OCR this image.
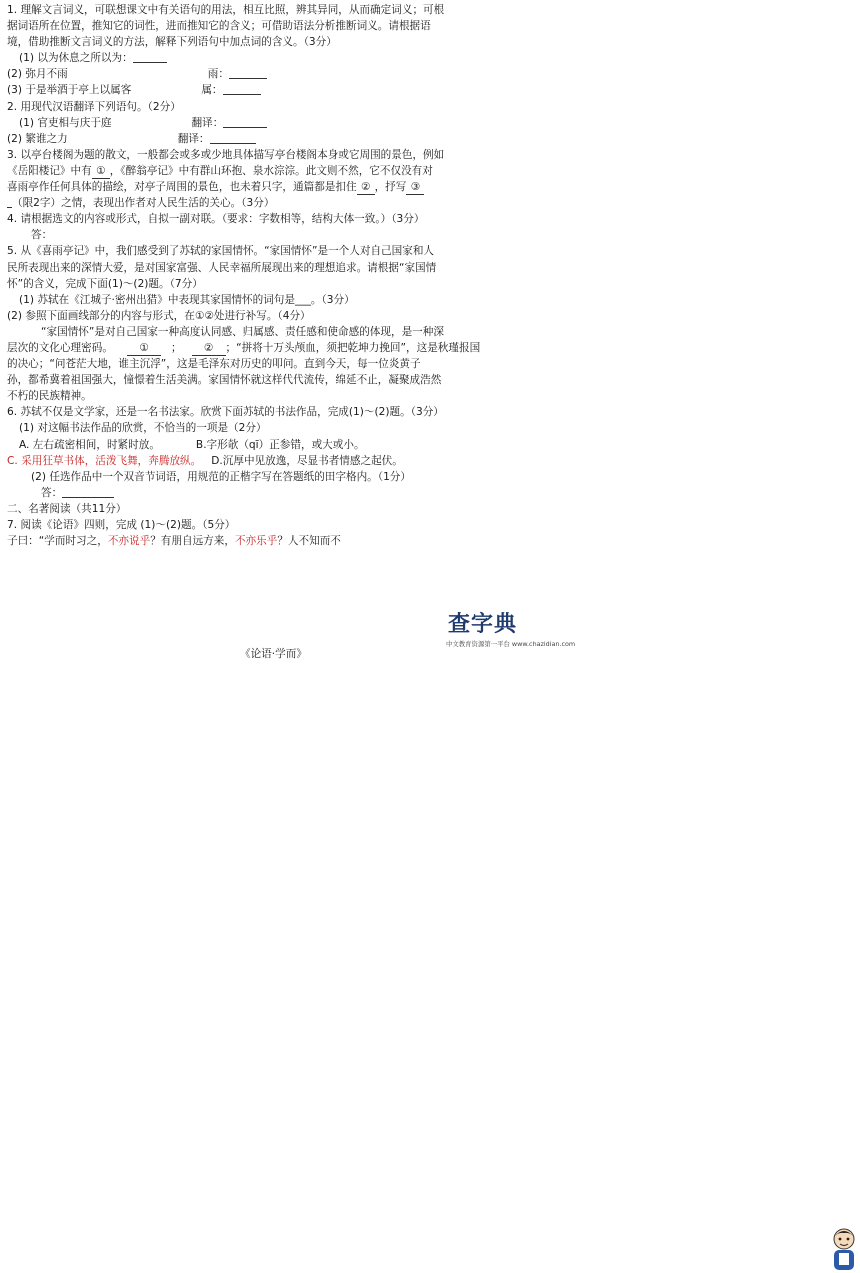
1. 理解文言词义，可联想课文中有关语句的用法，相互比照，辨其异同，从而确定词义；可根
据词语所在位置，推知它的词性，进而推知它的含义；可借助语法分析推断词义。请根据语
境，借助推断文言词义的方法，解释下列语句中加点词的含义。（3分）
(1) 以为休息之所以为：
(2) 弥月不雨	雨：
(3) 于是举酒于亭上以属客	属：
2. 用现代汉语翻译下列语句。（2分）
(1) 官吏相与庆于庭	翻译：
(2) 繁谁之力	翻译：
3. 以亭台楼阁为题的散文，一般都会或多或少地具体描写亭台楼阁本身或它周围的景色，例如
《岳阳楼记》中有 ① ，《醉翁亭记》中有群山环抱、泉水淙淙。此文则不然，它不仅没有对
喜雨亭作任何具体的描绘，对亭子周围的景色，也未着只字，通篇都是扣住 ② ，抒写 ③
（限2字）之情，表现出作者对人民生活的关心。（3分）
4. 请根据选文的内容或形式，自拟一副对联。（要求：字数相等，结构大体一致。）（3分）
答：
5. 从《喜雨亭记》中，我们感受到了苏轼的家国情怀。“家国情怀”是一个人对自己国家和人
民所表现出来的深情大爱，是对国家富强、人民幸福所展现出来的理想追求。请根据“家国情
怀”的含义，完成下面(1)～(2)题。（7分）
(1) 苏轼在《江城子·密州出猎》中表现其家国情怀的词句是___。（3分）
(2) 参照下面画线部分的内容与形式，在①②处进行补写。（4分）
“家国情怀”是对自己国家一种高度认同感、归属感、责任感和使命感的体现，是一种深
层次的文化心理密码。 ① ； ② ；“拼将十万头颅血，须把乾坤力挽回”，这是秋瑾报国
的决心；“问苍茫大地，谁主沉浮”，这是毛泽东对历史的叩问。直到今天，每一位炎黄子
孙，都希冀着祖国强大，憧憬着生活美满。家国情怀就这样代代流传，绵延不止，凝聚成浩然
不朽的民族精神。
6. 苏轼不仅是文学家，还是一名书法家。欣赏下面苏轼的书法作品，完成(1)～(2)题。（3分）
(1) 对这幅书法作品的欣赏，不恰当的一项是（2分）
A. 左右疏密相间，时紧时放。	B.字形欹（qī）正参错，或大或小。
C. 采用狂草书体，活泼飞舞，奔腾放纵。 D.沉厚中见放逸，尽显书者情感之起伏。
(2) 任选作品中一个双音节词语，用规范的正楷字写在答题纸的田字格内。（1分）
答：
二、名著阅读（共11分）
7. 阅读《论语》四则，完成 (1)～(2)题。（5分）
子曰：“学而时习之，不亦说乎？有朋自远方来，不亦乐乎？人不知而不
《论语·学而》
查字典
中文教育资源第一平台 www.chazidian.com
